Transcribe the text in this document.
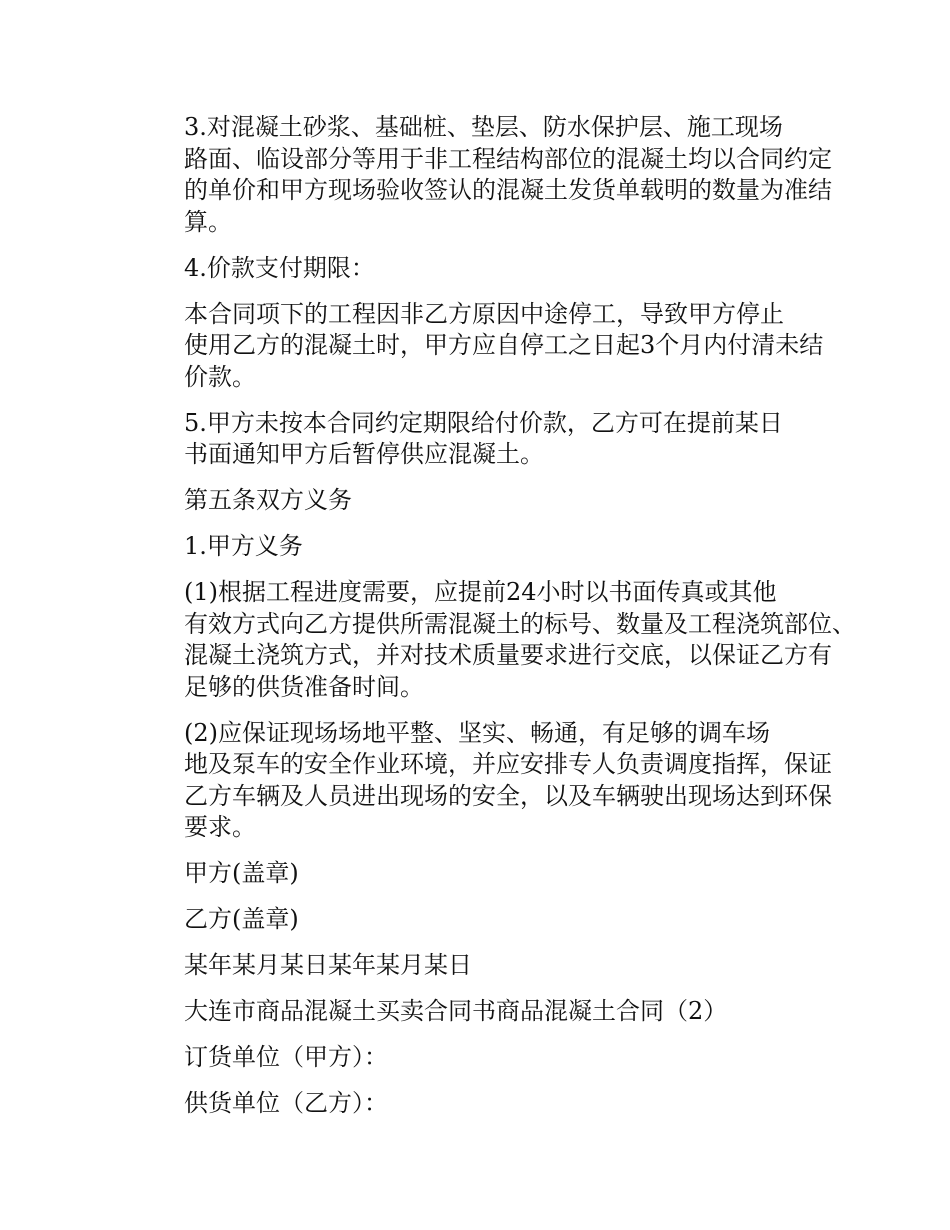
3.对混凝土砂浆、基础桩、垫层、防水保护层、施工现场
路面、临设部分等用于非工程结构部位的混凝土均以合同约定
的单价和甲方现场验收签认的混凝土发货单载明的数量为准结
算。

4.价款支付期限：

本合同项下的工程因非乙方原因中途停工，导致甲方停止
使用乙方的混凝土时，甲方应自停工之日起3个月内付清未结
价款。

5.甲方未按本合同约定期限给付价款，乙方可在提前某日
书面通知甲方后暂停供应混凝土。

第五条双方义务

1.甲方义务

(1)根据工程进度需要，应提前24小时以书面传真或其他
有效方式向乙方提供所需混凝土的标号、数量及工程浇筑部位、
混凝土浇筑方式，并对技术质量要求进行交底，以保证乙方有
足够的供货准备时间。

(2)应保证现场场地平整、坚实、畅通，有足够的调车场
地及泵车的安全作业环境，并应安排专人负责调度指挥，保证
乙方车辆及人员进出现场的安全，以及车辆驶出现场达到环保
要求。

甲方(盖章)

乙方(盖章)

某年某月某日某年某月某日

大连市商品混凝土买卖合同书商品混凝土合同（2）

订货单位（甲方）：

供货单位（乙方）：
